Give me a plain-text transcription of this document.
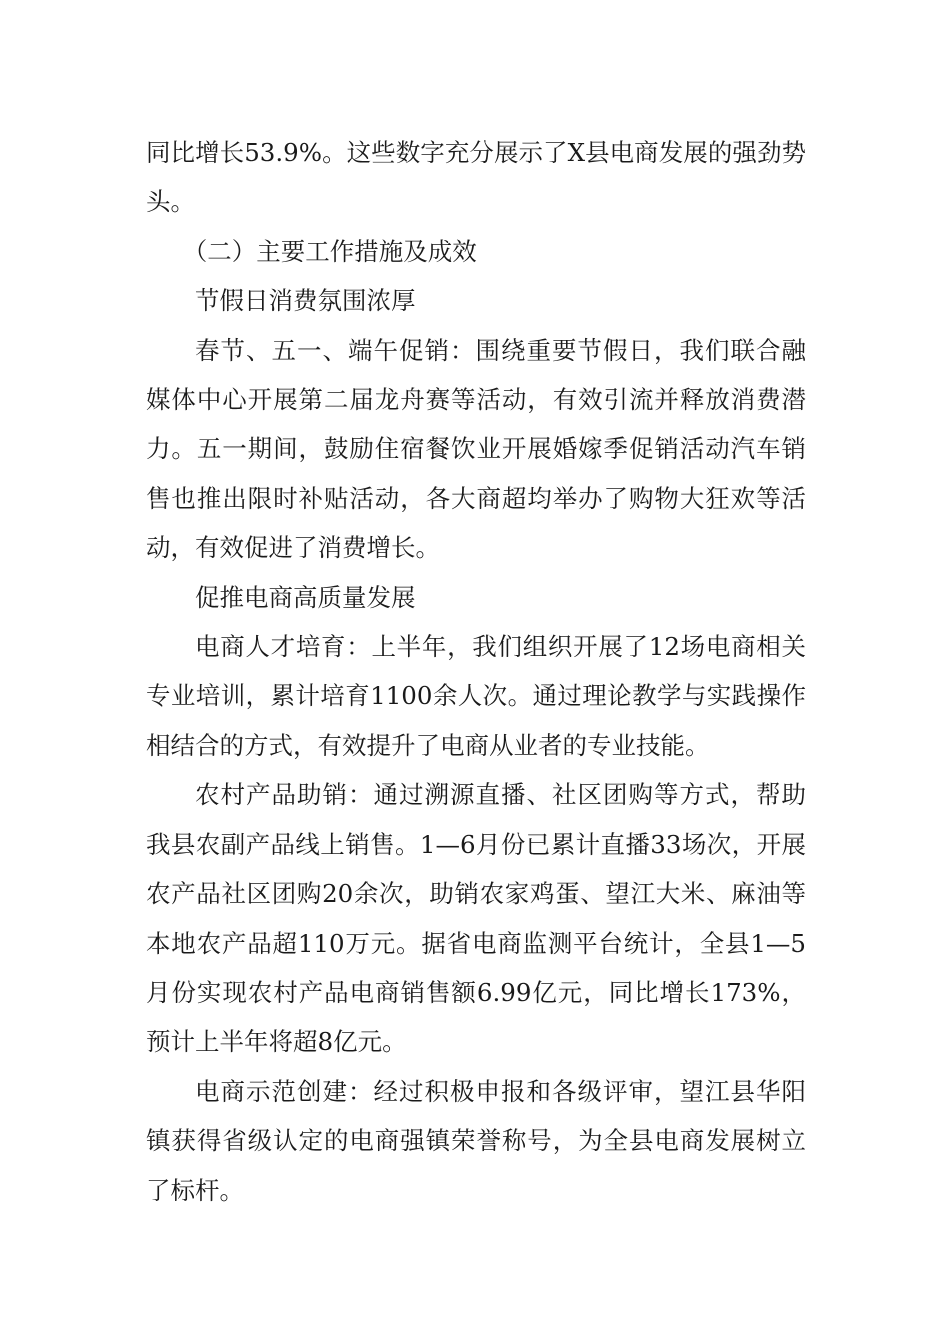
同比增长53.9%。这些数字充分展示了X县电商发展的强劲势头。

（二）主要工作措施及成效

节假日消费氛围浓厚

春节、五一、端午促销：围绕重要节假日，我们联合融媒体中心开展第二届龙舟赛等活动，有效引流并释放消费潜力。五一期间，鼓励住宿餐饮业开展婚嫁季促销活动汽车销售也推出限时补贴活动，各大商超均举办了购物大狂欢等活动，有效促进了消费增长。

促推电商高质量发展

电商人才培育：上半年，我们组织开展了12场电商相关专业培训，累计培育1100余人次。通过理论教学与实践操作相结合的方式，有效提升了电商从业者的专业技能。

农村产品助销：通过溯源直播、社区团购等方式，帮助我县农副产品线上销售。1—6月份已累计直播33场次，开展农产品社区团购20余次，助销农家鸡蛋、望江大米、麻油等本地农产品超110万元。据省电商监测平台统计，全县1—5月份实现农村产品电商销售额6.99亿元，同比增长173%，预计上半年将超8亿元。

电商示范创建：经过积极申报和各级评审，望江县华阳镇获得省级认定的电商强镇荣誉称号，为全县电商发展树立了标杆。
